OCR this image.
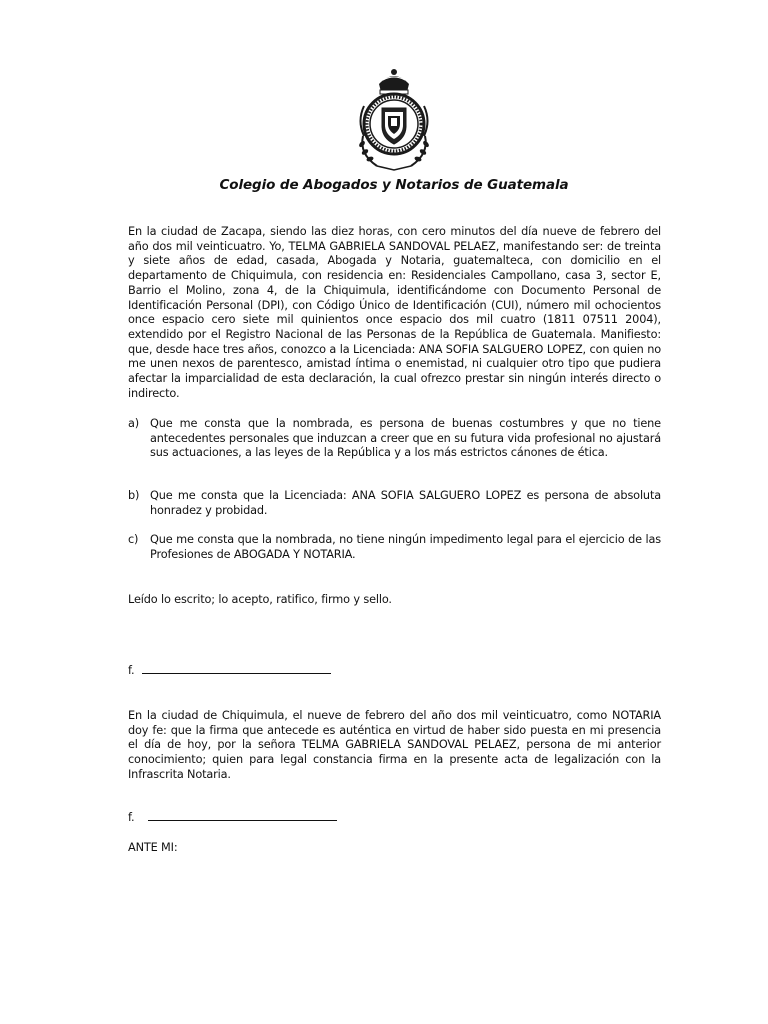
Colegio de Abogados y Notarios de Guatemala
En la ciudad de Zacapa, siendo las diez horas, con cero minutos del día nueve de febrero del año dos mil veinticuatro. Yo, TELMA GABRIELA SANDOVAL PELAEZ, manifestando ser: de treinta y siete años de edad, casada, Abogada y Notaria, guatemalteca, con domicilio en el departamento de Chiquimula, con residencia en: Residenciales Campollano, casa 3, sector E, Barrio el Molino, zona 4, de la Chiquimula, identificándome con Documento Personal de Identificación Personal (DPI), con Código Único de Identificación (CUI), número mil ochocientos once espacio cero siete mil quinientos once espacio dos mil cuatro (1811 07511 2004), extendido por el Registro Nacional de las Personas de la República de Guatemala. Manifiesto: que, desde hace tres años, conozco a la Licenciada: ANA SOFIA SALGUERO LOPEZ, con quien no me unen nexos de parentesco, amistad íntima o enemistad, ni cualquier otro tipo que pudiera afectar la imparcialidad de esta declaración, la cual ofrezco prestar sin ningún interés directo o indirecto.
a) Que me consta que la nombrada, es persona de buenas costumbres y que no tiene antecedentes personales que induzcan a creer que en su futura vida profesional no ajustará sus actuaciones, a las leyes de la República y a los más estrictos cánones de ética.
b) Que me consta que la Licenciada: ANA SOFIA SALGUERO LOPEZ es persona de absoluta honradez y probidad.
c) Que me consta que la nombrada, no tiene ningún impedimento legal para el ejercicio de las Profesiones de ABOGADA Y NOTARIA.
Leído lo escrito; lo acepto, ratifico, firmo y sello.
f.
En la ciudad de Chiquimula, el nueve de febrero del año dos mil veinticuatro, como NOTARIA doy fe: que la firma que antecede es auténtica en virtud de haber sido puesta en mi presencia el día de hoy, por la señora TELMA GABRIELA SANDOVAL PELAEZ, persona de mi anterior conocimiento; quien para legal constancia firma en la presente acta de legalización con la Infrascrita Notaria.
f.
ANTE MI:
